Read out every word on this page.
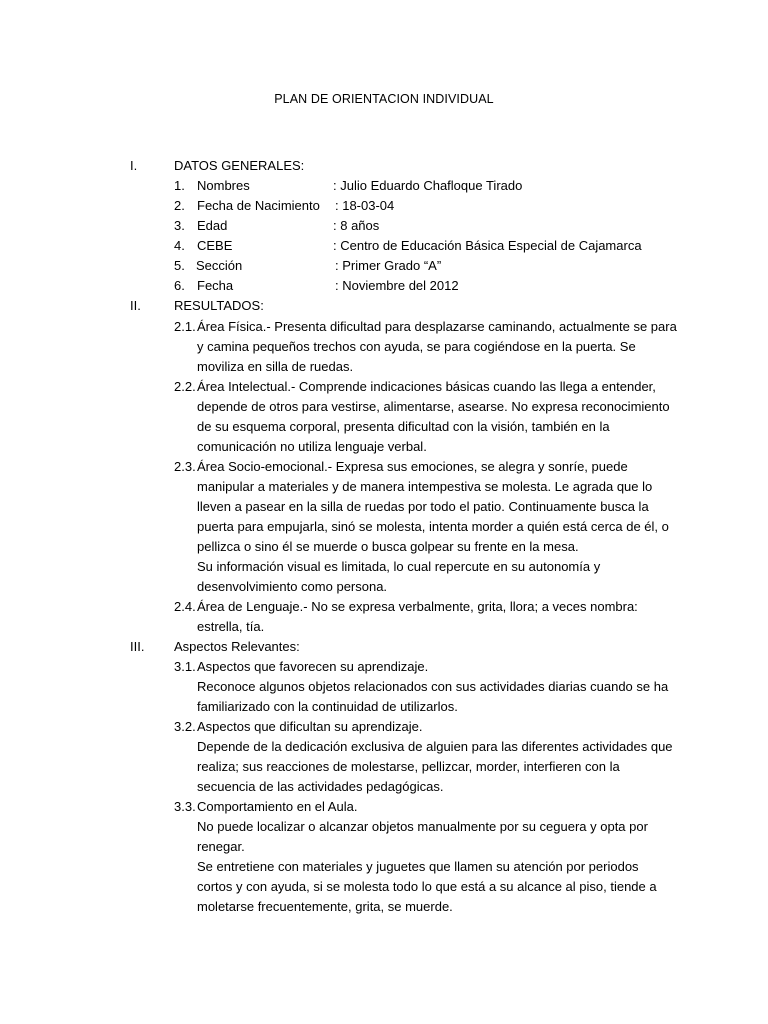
PLAN DE ORIENTACION INDIVIDUAL
I.	DATOS GENERALES:
1. Nombres	: Julio Eduardo Chafloque Tirado
2. Fecha de Nacimiento : 18-03-04
3. Edad	: 8 años
4. CEBE	: Centro de Educación Básica Especial de Cajamarca
5. Sección	: Primer Grado “A”
6. Fecha	: Noviembre del 2012
II.	RESULTADOS:
2.1. Área Física.- Presenta dificultad para desplazarse caminando, actualmente se para
y camina pequeños trechos con ayuda, se para cogiéndose en la puerta. Se
moviliza en silla de ruedas.
2.2. Área Intelectual.- Comprende indicaciones básicas cuando las llega a entender,
depende de otros para vestirse, alimentarse, asearse. No expresa reconocimiento
de su esquema corporal, presenta dificultad con la visión, también en la
comunicación no utiliza lenguaje verbal.
2.3. Área Socio-emocional.- Expresa sus emociones, se alegra y sonríe, puede
manipular a materiales y de manera intempestiva se molesta. Le agrada que lo
lleven a pasear en la silla de ruedas por todo el patio. Continuamente busca la
puerta para empujarla, sinó se molesta, intenta morder a quién está cerca de él, o
pellizca o sino él se muerde o busca golpear su frente en la mesa.
Su información visual es limitada, lo cual repercute en su autonomía y
desenvolvimiento como persona.
2.4. Área de Lenguaje.- No se expresa verbalmente, grita, llora; a veces nombra:
estrella, tía.
III. Aspectos Relevantes:
3.1. Aspectos que favorecen su aprendizaje.
Reconoce algunos objetos relacionados con sus actividades diarias cuando se ha
familiarizado con la continuidad de utilizarlos.
3.2. Aspectos que dificultan su aprendizaje.
Depende de la dedicación exclusiva de alguien para las diferentes actividades que
realiza; sus reacciones de molestarse, pellizcar, morder, interfieren con la
secuencia de las actividades pedagógicas.
3.3. Comportamiento en el Aula.
No puede localizar o alcanzar objetos manualmente por su ceguera y opta por
renegar.
Se entretiene con materiales y juguetes que llamen su atención por periodos
cortos y con ayuda, si se molesta todo lo que está a su alcance al piso, tiende a
moletarse frecuentemente, grita, se muerde.
